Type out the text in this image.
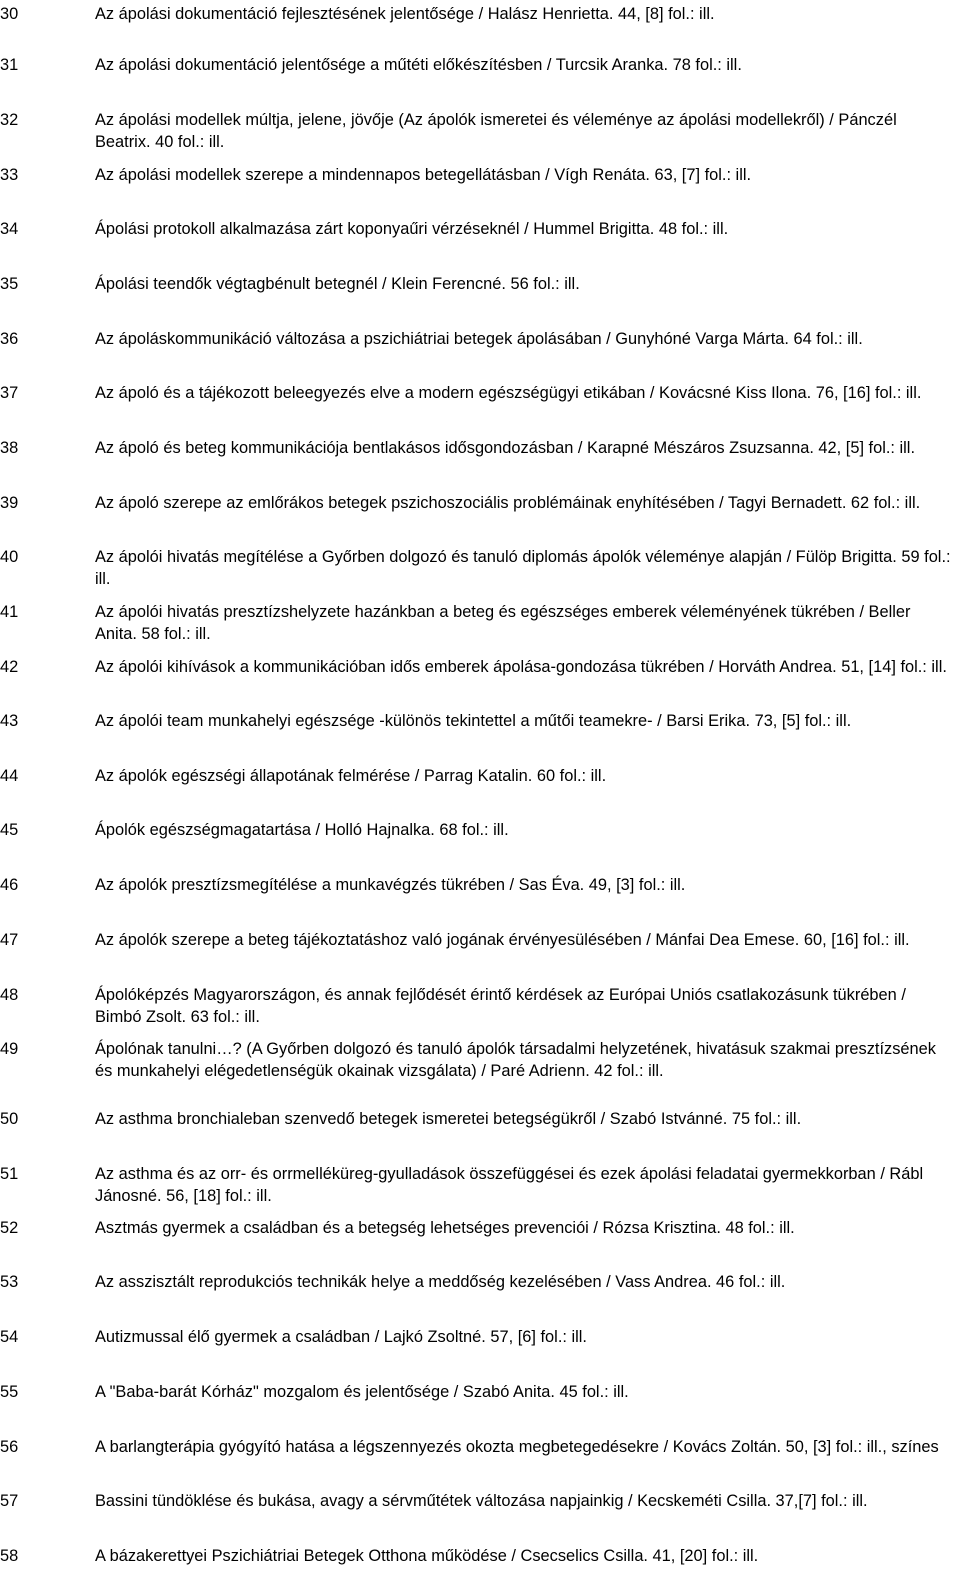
30	Az ápolási dokumentáció fejlesztésének jelentősége / Halász Henrietta. 44, [8] fol.: ill.
31	Az ápolási dokumentáció jelentősége a műtéti előkészítésben / Turcsik Aranka. 78 fol.: ill.
32	Az ápolási modellek múltja, jelene, jövője (Az ápolók ismeretei és véleménye az ápolási modellekről) / Pánczél Beatrix. 40 fol.: ill.
33	Az ápolási modellek szerepe a mindennapos betegellátásban / Vígh Renáta. 63, [7] fol.: ill.
34	Ápolási protokoll alkalmazása zárt koponyaűri vérzéseknél / Hummel Brigitta. 48 fol.: ill.
35	Ápolási teendők végtagbénult betegnél / Klein Ferencné. 56 fol.: ill.
36	Az ápoláskommunikáció változása a pszichiátriai betegek ápolásában / Gunyhóné Varga Márta. 64 fol.: ill.
37	Az ápoló és a tájékozott beleegyezés elve a modern egészségügyi etikában / Kovácsné Kiss Ilona. 76, [16] fol.: ill.
38	Az ápoló és beteg kommunikációja bentlakásos idősgondozásban / Karapné Mészáros Zsuzsanna. 42, [5] fol.: ill.
39	Az ápoló szerepe az emlőrákos betegek pszichoszociális problémáinak enyhítésében / Tagyi Bernadett. 62 fol.: ill.
40	Az ápolói hivatás megítélése a Győrben dolgozó és tanuló diplomás ápolók véleménye alapján / Fülöp Brigitta. 59 fol.: ill.
41	Az ápolói hivatás presztízshelyzete hazánkban a beteg és egészséges emberek véleményének tükrében / Beller Anita. 58 fol.: ill.
42	Az ápolói kihívások a kommunikációban idős emberek ápolása-gondozása tükrében / Horváth Andrea. 51, [14] fol.: ill.
43	Az ápolói team munkahelyi egészsége -különös tekintettel a műtői teamekre- / Barsi Erika. 73, [5] fol.: ill.
44	Az ápolók egészségi állapotának felmérése / Parrag Katalin. 60 fol.: ill.
45	Ápolók egészségmagatartása / Holló Hajnalka. 68 fol.: ill.
46	Az ápolók presztízsmegítélése a munkavégzés tükrében / Sas Éva. 49, [3] fol.: ill.
47	Az ápolók szerepe a beteg tájékoztatáshoz való jogának érvényesülésében / Mánfai Dea Emese. 60, [16] fol.: ill.
48	Ápolóképzés Magyarországon, és annak fejlődését érintő kérdések az Európai Uniós csatlakozásunk tükrében / Bimbó Zsolt. 63 fol.: ill.
49	Ápolónak tanulni…? (A Győrben dolgozó és tanuló ápolók társadalmi helyzetének, hivatásuk szakmai presztízsének és munkahelyi elégedetlenségük okainak vizsgálata) / Paré Adrienn. 42 fol.: ill.
50	Az asthma bronchialeban szenvedő betegek ismeretei betegségükről / Szabó Istvánné. 75 fol.: ill.
51	Az asthma és az orr- és orrmelléküreg-gyulladások összefüggései és ezek ápolási feladatai gyermekkorban / Rábl Jánosné. 56, [18] fol.: ill.
52	Asztmás gyermek a családban és a betegség lehetséges prevenciói / Rózsa Krisztina. 48 fol.: ill.
53	Az asszisztált reprodukciós technikák helye a meddőség kezelésében / Vass Andrea. 46 fol.: ill.
54	Autizmussal élő gyermek a családban / Lajkó Zsoltné. 57, [6] fol.: ill.
55	A "Baba-barát Kórház" mozgalom és jelentősége / Szabó Anita. 45 fol.: ill.
56	A barlangterápia gyógyító hatása a légszennyezés okozta megbetegedésekre / Kovács Zoltán. 50, [3] fol.: ill., színes
57	Bassini tündöklése és bukása, avagy a sérvműtétek változása napjainkig / Kecskeméti Csilla. 37,[7] fol.: ill.
58	A bázakerettyei Pszichiátriai Betegek Otthona működése / Csecselics Csilla. 41, [20] fol.: ill.
